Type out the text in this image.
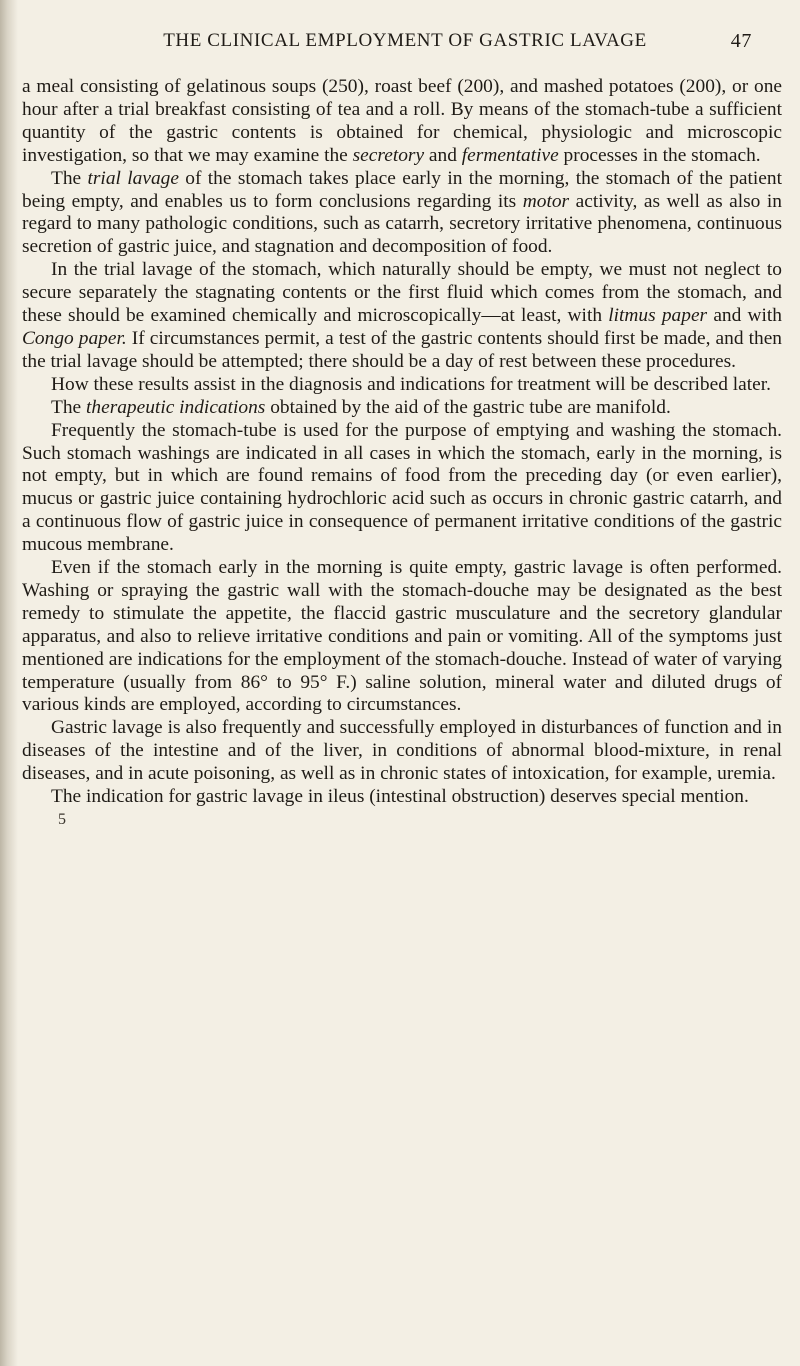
THE CLINICAL EMPLOYMENT OF GASTRIC LAVAGE	47

a meal consisting of gelatinous soups (250), roast beef (200), and mashed potatoes (200), or one hour after a trial breakfast consisting of tea and a roll. By means of the stomach-tube a sufficient quantity of the gastric contents is obtained for chemical, physiologic and microscopic investigation, so that we may examine the secretory and fermentative processes in the stomach.

The trial lavage of the stomach takes place early in the morning, the stomach of the patient being empty, and enables us to form conclusions regarding its motor activity, as well as also in regard to many pathologic conditions, such as catarrh, secretory irritative phenomena, continuous secretion of gastric juice, and stagnation and decomposition of food.

In the trial lavage of the stomach, which naturally should be empty, we must not neglect to secure separately the stagnating contents or the first fluid which comes from the stomach, and these should be examined chemically and microscopically—at least, with litmus paper and with Congo paper. If circumstances permit, a test of the gastric contents should first be made, and then the trial lavage should be attempted; there should be a day of rest between these procedures.

How these results assist in the diagnosis and indications for treatment will be described later.

The therapeutic indications obtained by the aid of the gastric tube are manifold.

Frequently the stomach-tube is used for the purpose of emptying and washing the stomach. Such stomach washings are indicated in all cases in which the stomach, early in the morning, is not empty, but in which are found remains of food from the preceding day (or even earlier), mucus or gastric juice containing hydrochloric acid such as occurs in chronic gastric catarrh, and a continuous flow of gastric juice in consequence of permanent irritative conditions of the gastric mucous membrane.

Even if the stomach early in the morning is quite empty, gastric lavage is often performed. Washing or spraying the gastric wall with the stomach-douche may be designated as the best remedy to stimulate the appetite, the flaccid gastric musculature and the secretory glandular apparatus, and also to relieve irritative conditions and pain or vomiting. All of the symptoms just mentioned are indications for the employment of the stomach-douche. Instead of water of varying temperature (usually from 86° to 95° F.) saline solution, mineral water and diluted drugs of various kinds are employed, according to circumstances.

Gastric lavage is also frequently and successfully employed in disturbances of function and in diseases of the intestine and of the liver, in conditions of abnormal blood-mixture, in renal diseases, and in acute poisoning, as well as in chronic states of intoxication, for example, uremia.

The indication for gastric lavage in ileus (intestinal obstruction) deserves special mention.

5
